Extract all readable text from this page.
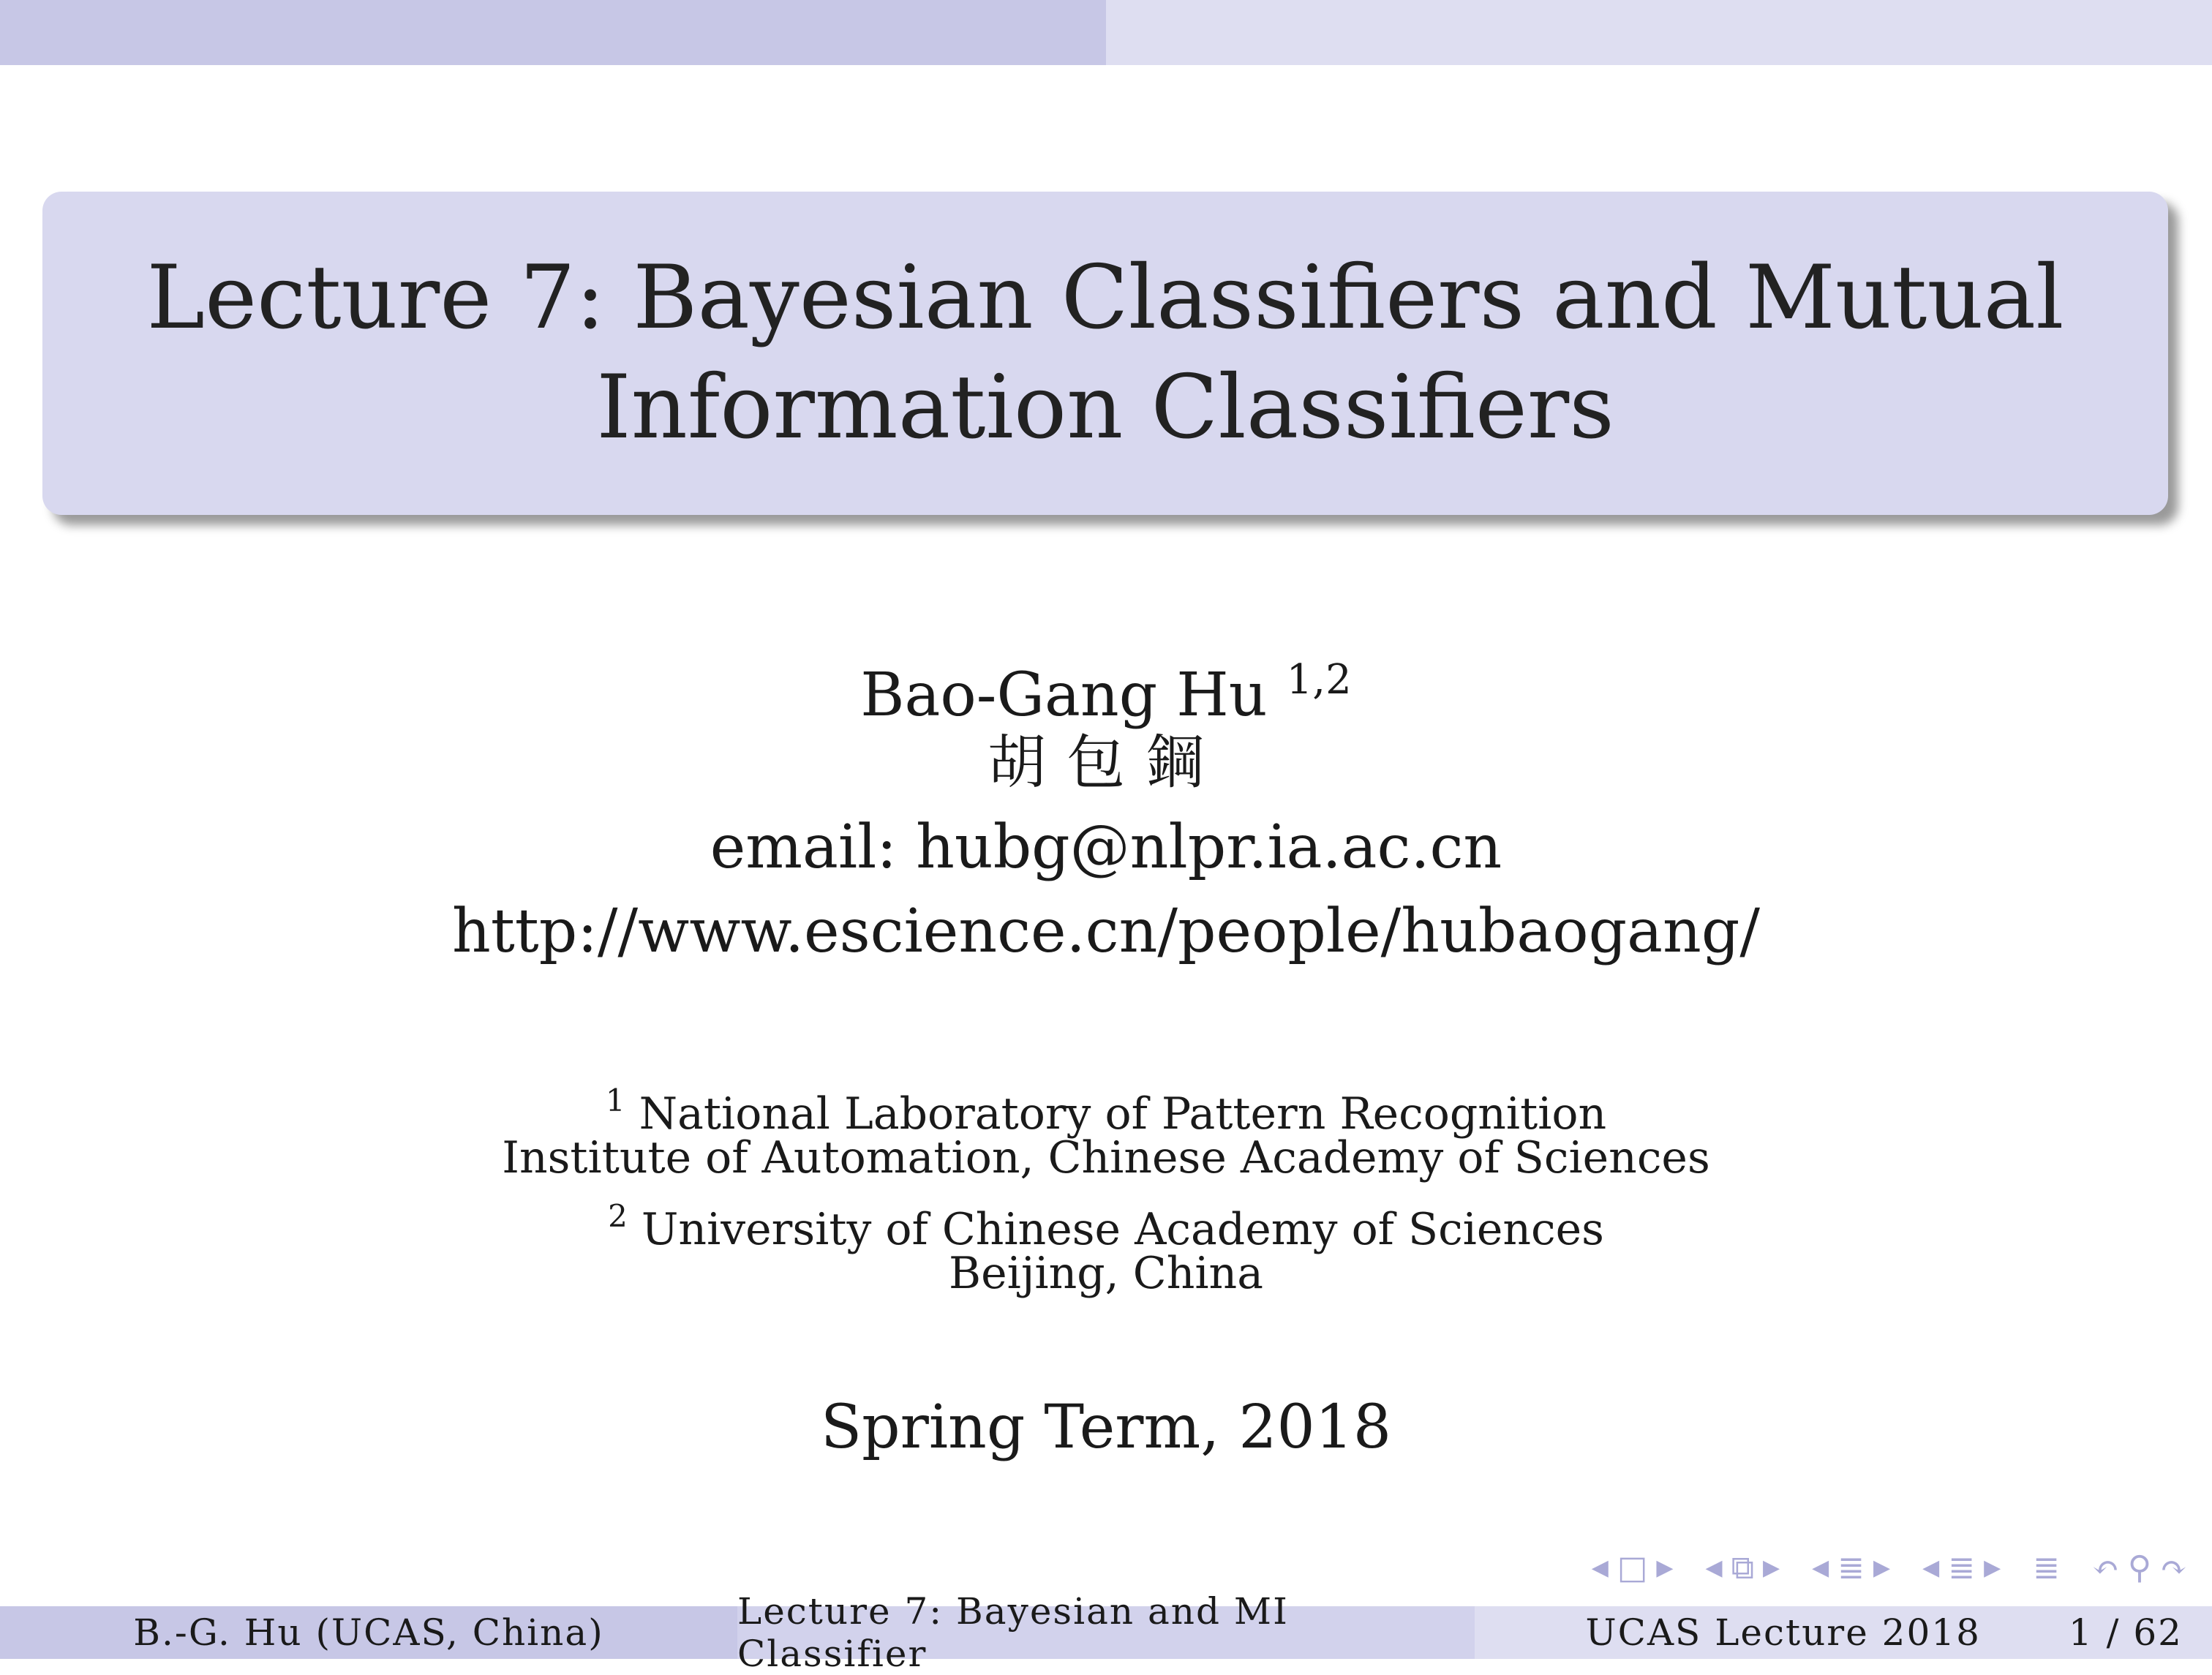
Lecture 7: Bayesian Classifiers and Mutual
Information Classifiers
Bao-Gang Hu $^{1,2}$
胡包鋼
email: hubg@nlpr.ia.ac.cn
http://www.escience.cn/people/hubaogang/
$^1$ National Laboratory of Pattern Recognition
Institute of Automation, Chinese Academy of Sciences
$^2$ University of Chinese Academy of Sciences
Beijing, China
Spring Term, 2018
◀ □ ▶ ◀ ⧉ ▶ ◀ ≣ ▶ ◀ ≣ ▶ ≣ ↶ ⚲ ↷
B.-G. Hu (UCAS, China)	Lecture 7: Bayesian and MI Classifier	UCAS Lecture 2018 1 / 62
